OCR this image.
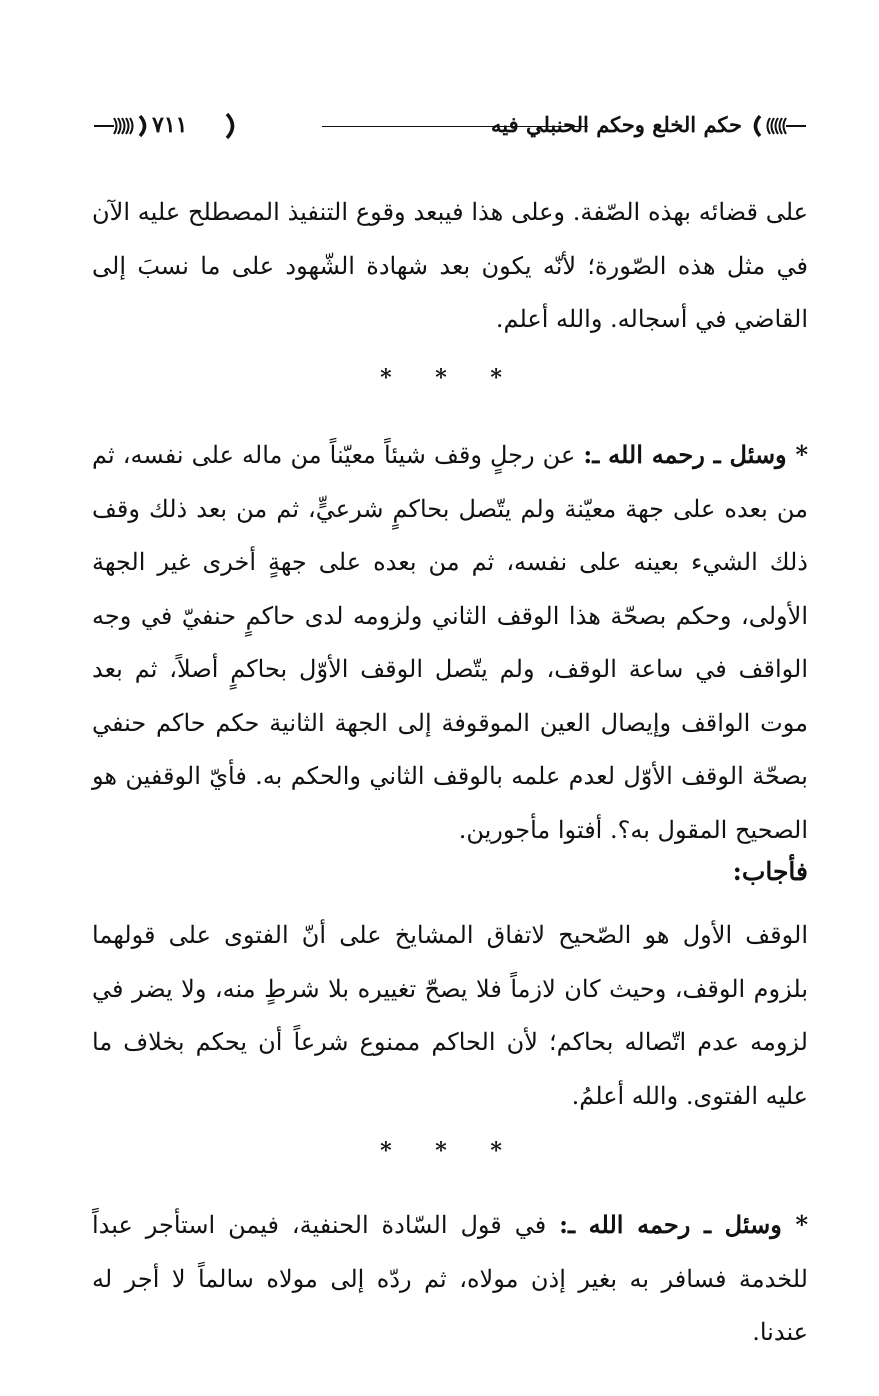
حكم الخلع وحكم الحنبلي فيه
٧١١

على قضائه بهذه الصّفة. وعلى هذا فيبعد وقوع التنفيذ المصطلح عليه الآن في مثل هذه الصّورة؛ لأنّه يكون بعد شهادة الشّهود على ما نسبَ إلى القاضي في أسجاله. والله أعلم.

* * *

* وسئل ـ رحمه الله ـ: عن رجلٍ وقف شيئاً معيّناً من ماله على نفسه، ثم من بعده على جهة معيّنة ولم يتّصل بحاكمٍ شرعيٍّ، ثم من بعد ذلك وقف ذلك الشيء بعينه على نفسه، ثم من بعده على جهةٍ أخرى غير الجهة الأولى، وحكم بصحّة هذا الوقف الثاني ولزومه لدى حاكمٍ حنفيّ في وجه الواقف في ساعة الوقف، ولم يتّصل الوقف الأوّل بحاكمٍ أصلاً، ثم بعد موت الواقف وإيصال العين الموقوفة إلى الجهة الثانية حكم حاكم حنفي بصحّة الوقف الأوّل لعدم علمه بالوقف الثاني والحكم به. فأيّ الوقفين هو الصحيح المقول به؟. أفتوا مأجورين.

فأجاب:

الوقف الأول هو الصّحيح لاتفاق المشايخ على أنّ الفتوى على قولهما بلزوم الوقف، وحيث كان لازماً فلا يصحّ تغييره بلا شرطٍ منه، ولا يضر في لزومه عدم اتّصاله بحاكم؛ لأن الحاكم ممنوع شرعاً أن يحكم بخلاف ما عليه الفتوى. والله أعلمُ.

* * *

* وسئل ـ رحمه الله ـ: في قول السّادة الحنفية، فيمن استأجر عبداً للخدمة فسافر به بغير إذن مولاه، ثم ردّه إلى مولاه سالماً لا أجر له عندنا.
